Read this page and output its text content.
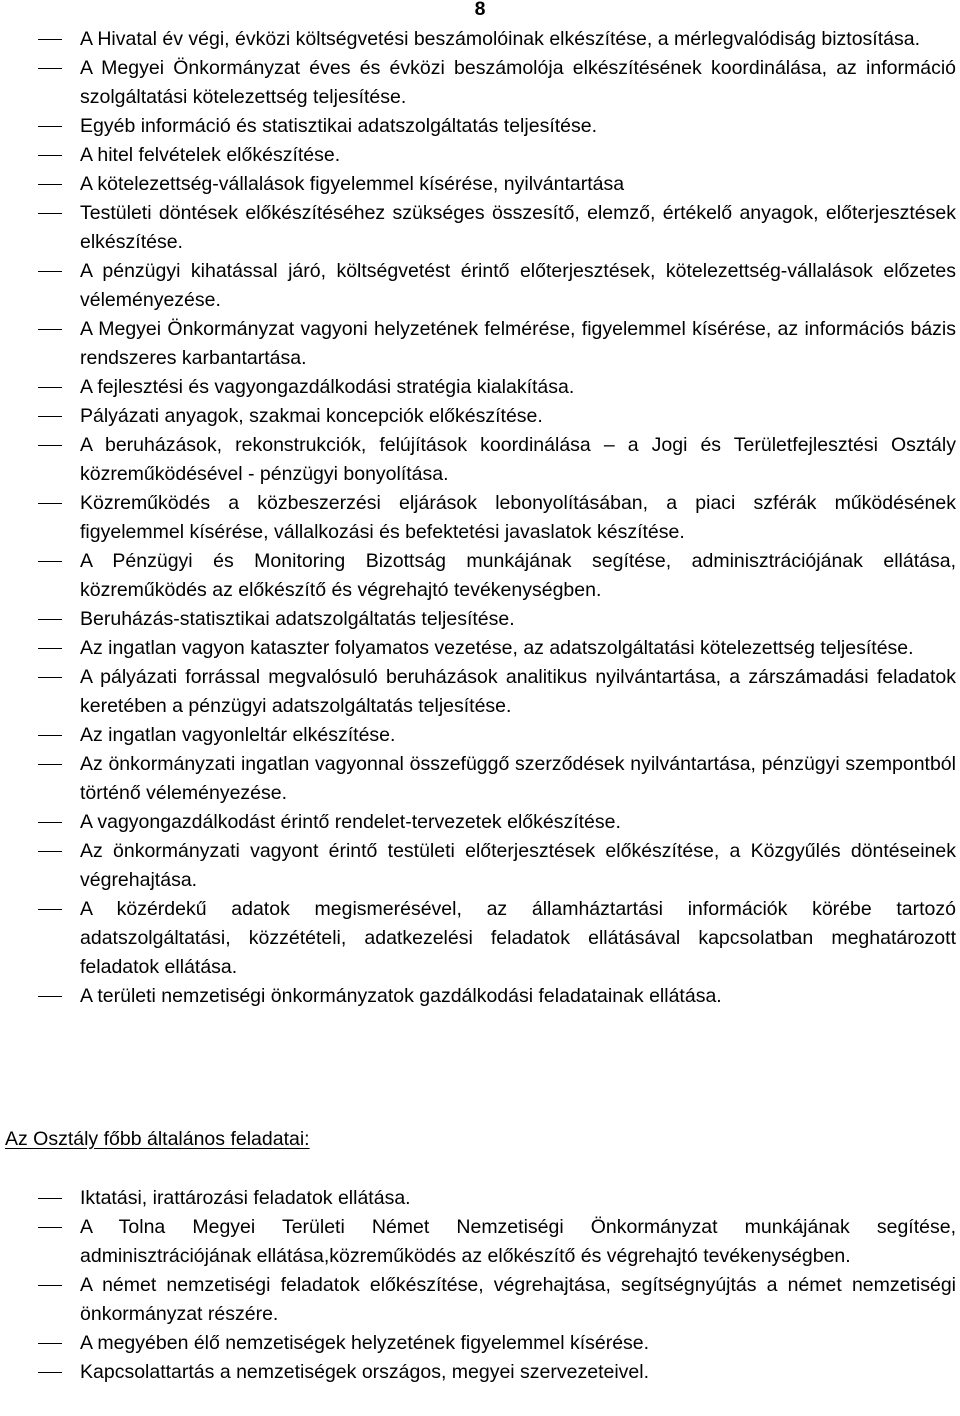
8
A Hivatal év végi, évközi költségvetési beszámolóinak elkészítése, a mérlegvalódiság biztosítása.
A Megyei Önkormányzat éves és évközi beszámolója elkészítésének koordinálása, az információ szolgáltatási kötelezettség teljesítése.
Egyéb információ és statisztikai adatszolgáltatás teljesítése.
A hitel felvételek előkészítése.
A kötelezettség-vállalások figyelemmel kísérése, nyilvántartása
Testületi döntések előkészítéséhez szükséges összesítő, elemző, értékelő anyagok, előterjesztések elkészítése.
A pénzügyi kihatással járó, költségvetést érintő előterjesztések, kötelezettség-vállalások előzetes véleményezése.
A Megyei Önkormányzat vagyoni helyzetének felmérése, figyelemmel kísérése, az információs bázis rendszeres karbantartása.
A fejlesztési és vagyongazdálkodási stratégia kialakítása.
Pályázati anyagok, szakmai koncepciók előkészítése.
A beruházások, rekonstrukciók, felújítások koordinálása – a Jogi és Területfejlesztési Osztály közreműködésével - pénzügyi bonyolítása.
Közreműködés a közbeszerzési eljárások lebonyolításában, a piaci szférák működésének figyelemmel kísérése, vállalkozási és befektetési javaslatok készítése.
A Pénzügyi és Monitoring Bizottság munkájának segítése, adminisztrációjának ellátása, közreműködés az előkészítő és végrehajtó tevékenységben.
Beruházás-statisztikai adatszolgáltatás teljesítése.
Az ingatlan vagyon kataszter folyamatos vezetése, az adatszolgáltatási kötelezettség teljesítése.
A pályázati forrással megvalósuló beruházások analitikus nyilvántartása, a zárszámadási feladatok keretében a pénzügyi adatszolgáltatás teljesítése.
Az ingatlan vagyonleltár elkészítése.
Az önkormányzati ingatlan vagyonnal összefüggő szerződések nyilvántartása, pénzügyi szempontból történő véleményezése.
A vagyongazdálkodást érintő rendelet-tervezetek előkészítése.
Az önkormányzati vagyont érintő testületi előterjesztések előkészítése, a Közgyűlés döntéseinek végrehajtása.
A közérdekű adatok megismerésével, az államháztartási információk körébe tartozó adatszolgáltatási, közzétételi, adatkezelési feladatok ellátásával kapcsolatban meghatározott feladatok ellátása.
A területi nemzetiségi önkormányzatok gazdálkodási feladatainak ellátása.
Az Osztály főbb általános feladatai:
Iktatási, irattározási feladatok ellátása.
A Tolna Megyei Területi Német Nemzetiségi Önkormányzat munkájának segítése, adminisztrációjának ellátása,közreműködés az előkészítő és végrehajtó tevékenységben.
A német nemzetiségi feladatok előkészítése, végrehajtása, segítségnyújtás a német nemzetiségi önkormányzat részére.
A megyében élő nemzetiségek helyzetének figyelemmel kísérése.
Kapcsolattartás a nemzetiségek országos, megyei szervezeteivel.
